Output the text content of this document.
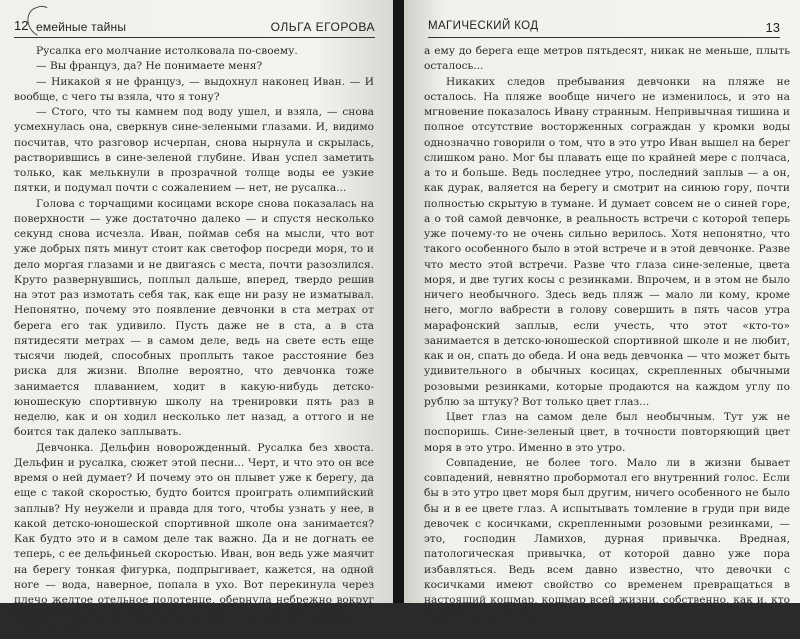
12 емейные тайны	ОЛЬГА ЕГОРОВА

Русалка его молчание истолковала по-своему.

— Вы француз, да? Не понимаете меня?

— Никакой я не француз, — выдохнул наконец Иван. — И вообще, с чего ты взяла, что я тону?

— Стого, что ты камнем под воду ушел, и взяла, — снова усмехнулась она, сверкнув сине-зелеными глазами. И, видимо посчитав, что разговор исчерпан, снова нырнула и скрылась, растворившись в сине-зеленой глубине. Иван успел заметить только, как мелькнули в прозрачной толще воды ее узкие пятки, и подумал почти с сожалением — нет, не русалка...

Голова с торчащими косицами вскоре снова показалась на поверхности — уже достаточно далеко — и спустя несколько секунд снова исчезла. Иван, поймав себя на мысли, что вот уже добрых пять минут стоит как светофор посреди моря, то и дело моргая глазами и не двигаясь с места, почти разозлился. Круто развернувшись, поплыл дальше, вперед, твердо решив на этот раз измотать себя так, как еще ни разу не изматывал. Непонятно, почему это появление девчонки в ста метрах от берега его так удивило. Пусть даже не в ста, а в ста пятидесяти метрах — в самом деле, ведь на свете есть еще тысячи людей, способных проплыть такое расстояние без риска для жизни. Вполне вероятно, что девчонка тоже занимается плаванием, ходит в какую-нибудь детско-юношескую спортивную школу на тренировки пять раз в неделю, как и он ходил несколько лет назад, а оттого и не боится так далеко заплывать.

Девчонка. Дельфин новорожденный. Русалка без хвоста. Дельфин и русалка, сюжет этой песни... Черт, и что это он все время о ней думает? И почему это он плывет уже к берегу, да еще с такой скоростью, будто боится проиграть олимпийский заплыв? Ну неужели и правда для того, чтобы узнать у нее, в какой детско-юношеской спортивной школе она занимается? Как будто это и в самом деле так важно. Да и не догнать ее теперь, с ее дельфиньей скоростью. Иван, вон ведь уже маячит на берегу тонкая фигурка, подпрыгивает, кажется, на одной ноге — вода, наверное, попала в ухо. Вот перекинула через плечо желтое отельное полотенце, обернула небрежно вокруг бедер какую-то цветастую тряпочку — и снова уже скрылась в пихтовом туннеле,

МАГИЧЕСКИЙ КОД	13

а ему до берега еще метров пятьдесят, никак не меньше, плыть осталось...

Никаких следов пребывания девчонки на пляже не осталось. На пляже вообще ничего не изменилось, и это на мгновение показалось Ивану странным. Непривычная тишина и полное отсутствие восторженных сограждан у кромки воды однозначно говорили о том, что в это утро Иван вышел на берег слишком рано. Мог бы плавать еще по крайней мере с полчаса, а то и больше. Ведь последнее утро, последний заплыв — а он, как дурак, валяется на берегу и смотрит на синюю гору, почти полностью скрытую в тумане. И думает совсем не о синей горе, а о той самой девчонке, в реальность встречи с которой теперь уже почему-то не очень сильно верилось. Хотя непонятно, что такого особенного было в этой встрече и в этой девчонке. Разве что место этой встречи. Разве что глаза сине-зеленые, цвета моря, и две тугих косы с резинками. Впрочем, и в этом не было ничего необычного. Здесь ведь пляж — мало ли кому, кроме него, могло вабрести в голову совершить в пять часов утра марафонский заплыв, если учесть, что этот «кто-то» занимается в детско-юношеской спортивной школе и не любит, как и он, спать до обеда. И она ведь девчонка — что может быть удивительного в обычных косицах, скрепленных обычными розовыми резинками, которые продаются на каждом углу по рублю за штуку? Вот только цвет глаз...

Цвет глаз на самом деле был необычным. Тут уж не поспоришь. Сине-зеленый цвет, в точности повторяющий цвет моря в это утро. Именно в это утро.

Совпадение, не более того. Мало ли в жизни бывает совпадений, невнятно пробормотал его внутренний голос. Если бы в это утро цвет моря был другим, ничего особенного не было бы и в ее цвете глаз. А испытывать томление в груди при виде девочек с косичками, скрепленными розовыми резинками, — это, господин Ламихов, дурная привычка. Вредная, патологическая привычка, от которой давно уже пора избавляться. Ведь всем давно известно, что девочки с косичками имеют свойство со временем превращаться в настоящий кошмар, кошмар всей жизни, собственно, как и, кто из этих девочки мо-
